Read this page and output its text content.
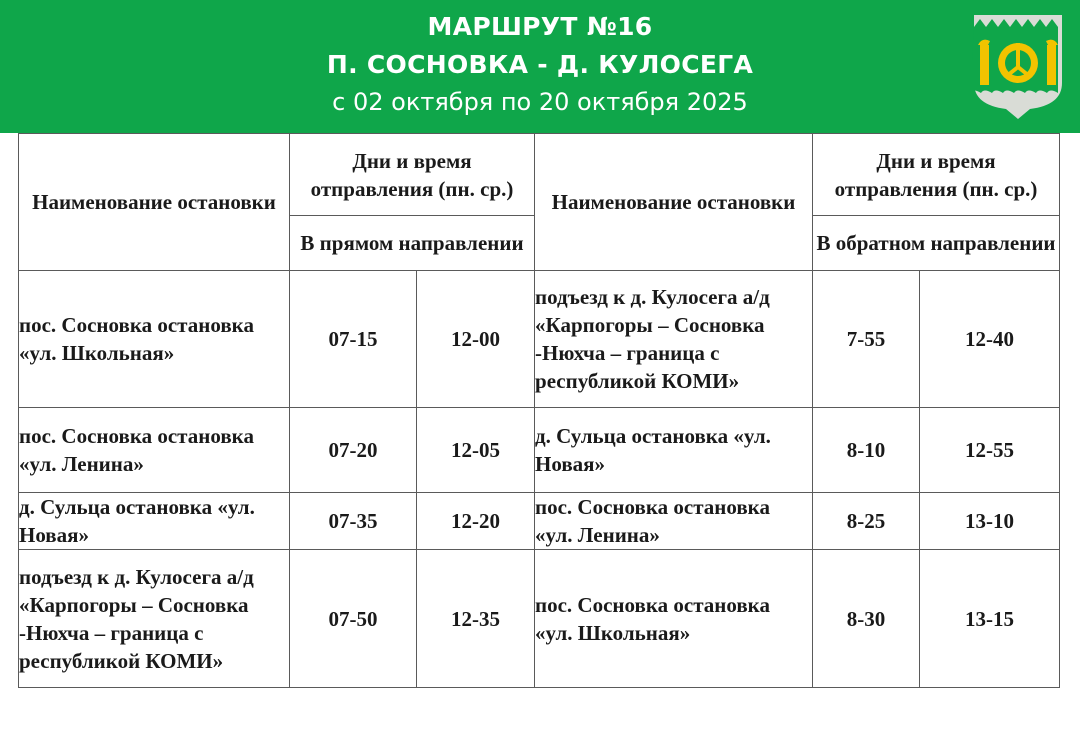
МАРШРУТ №16
П. СОСНОВКА - Д. КУЛОСЕГА
с 02 октября по 20 октября 2025
Наименование остановки	Дни и время отправления (пн. ср.)		Наименование остановки	Дни и время отправления (пн. ср.)	
	В прямом направлении			В обратном направлении	
пос. Сосновка остановка «ул. Школьная»	07-15	12-00	подъезд к д. Кулосега а/д «Карпогоры – Сосновка -Нюхча – граница с республикой КОМИ»	7-55	12-40
пос. Сосновка остановка «ул. Ленина»	07-20	12-05	д. Сульца остановка «ул. Новая»	8-10	12-55
д. Сульца остановка «ул. Новая»	07-35	12-20	пос. Сосновка остановка «ул. Ленина»	8-25	13-10
подъезд к д. Кулосега а/д «Карпогоры – Сосновка -Нюхча – граница с республикой КОМИ»	07-50	12-35	пос. Сосновка остановка «ул. Школьная»	8-30	13-15
